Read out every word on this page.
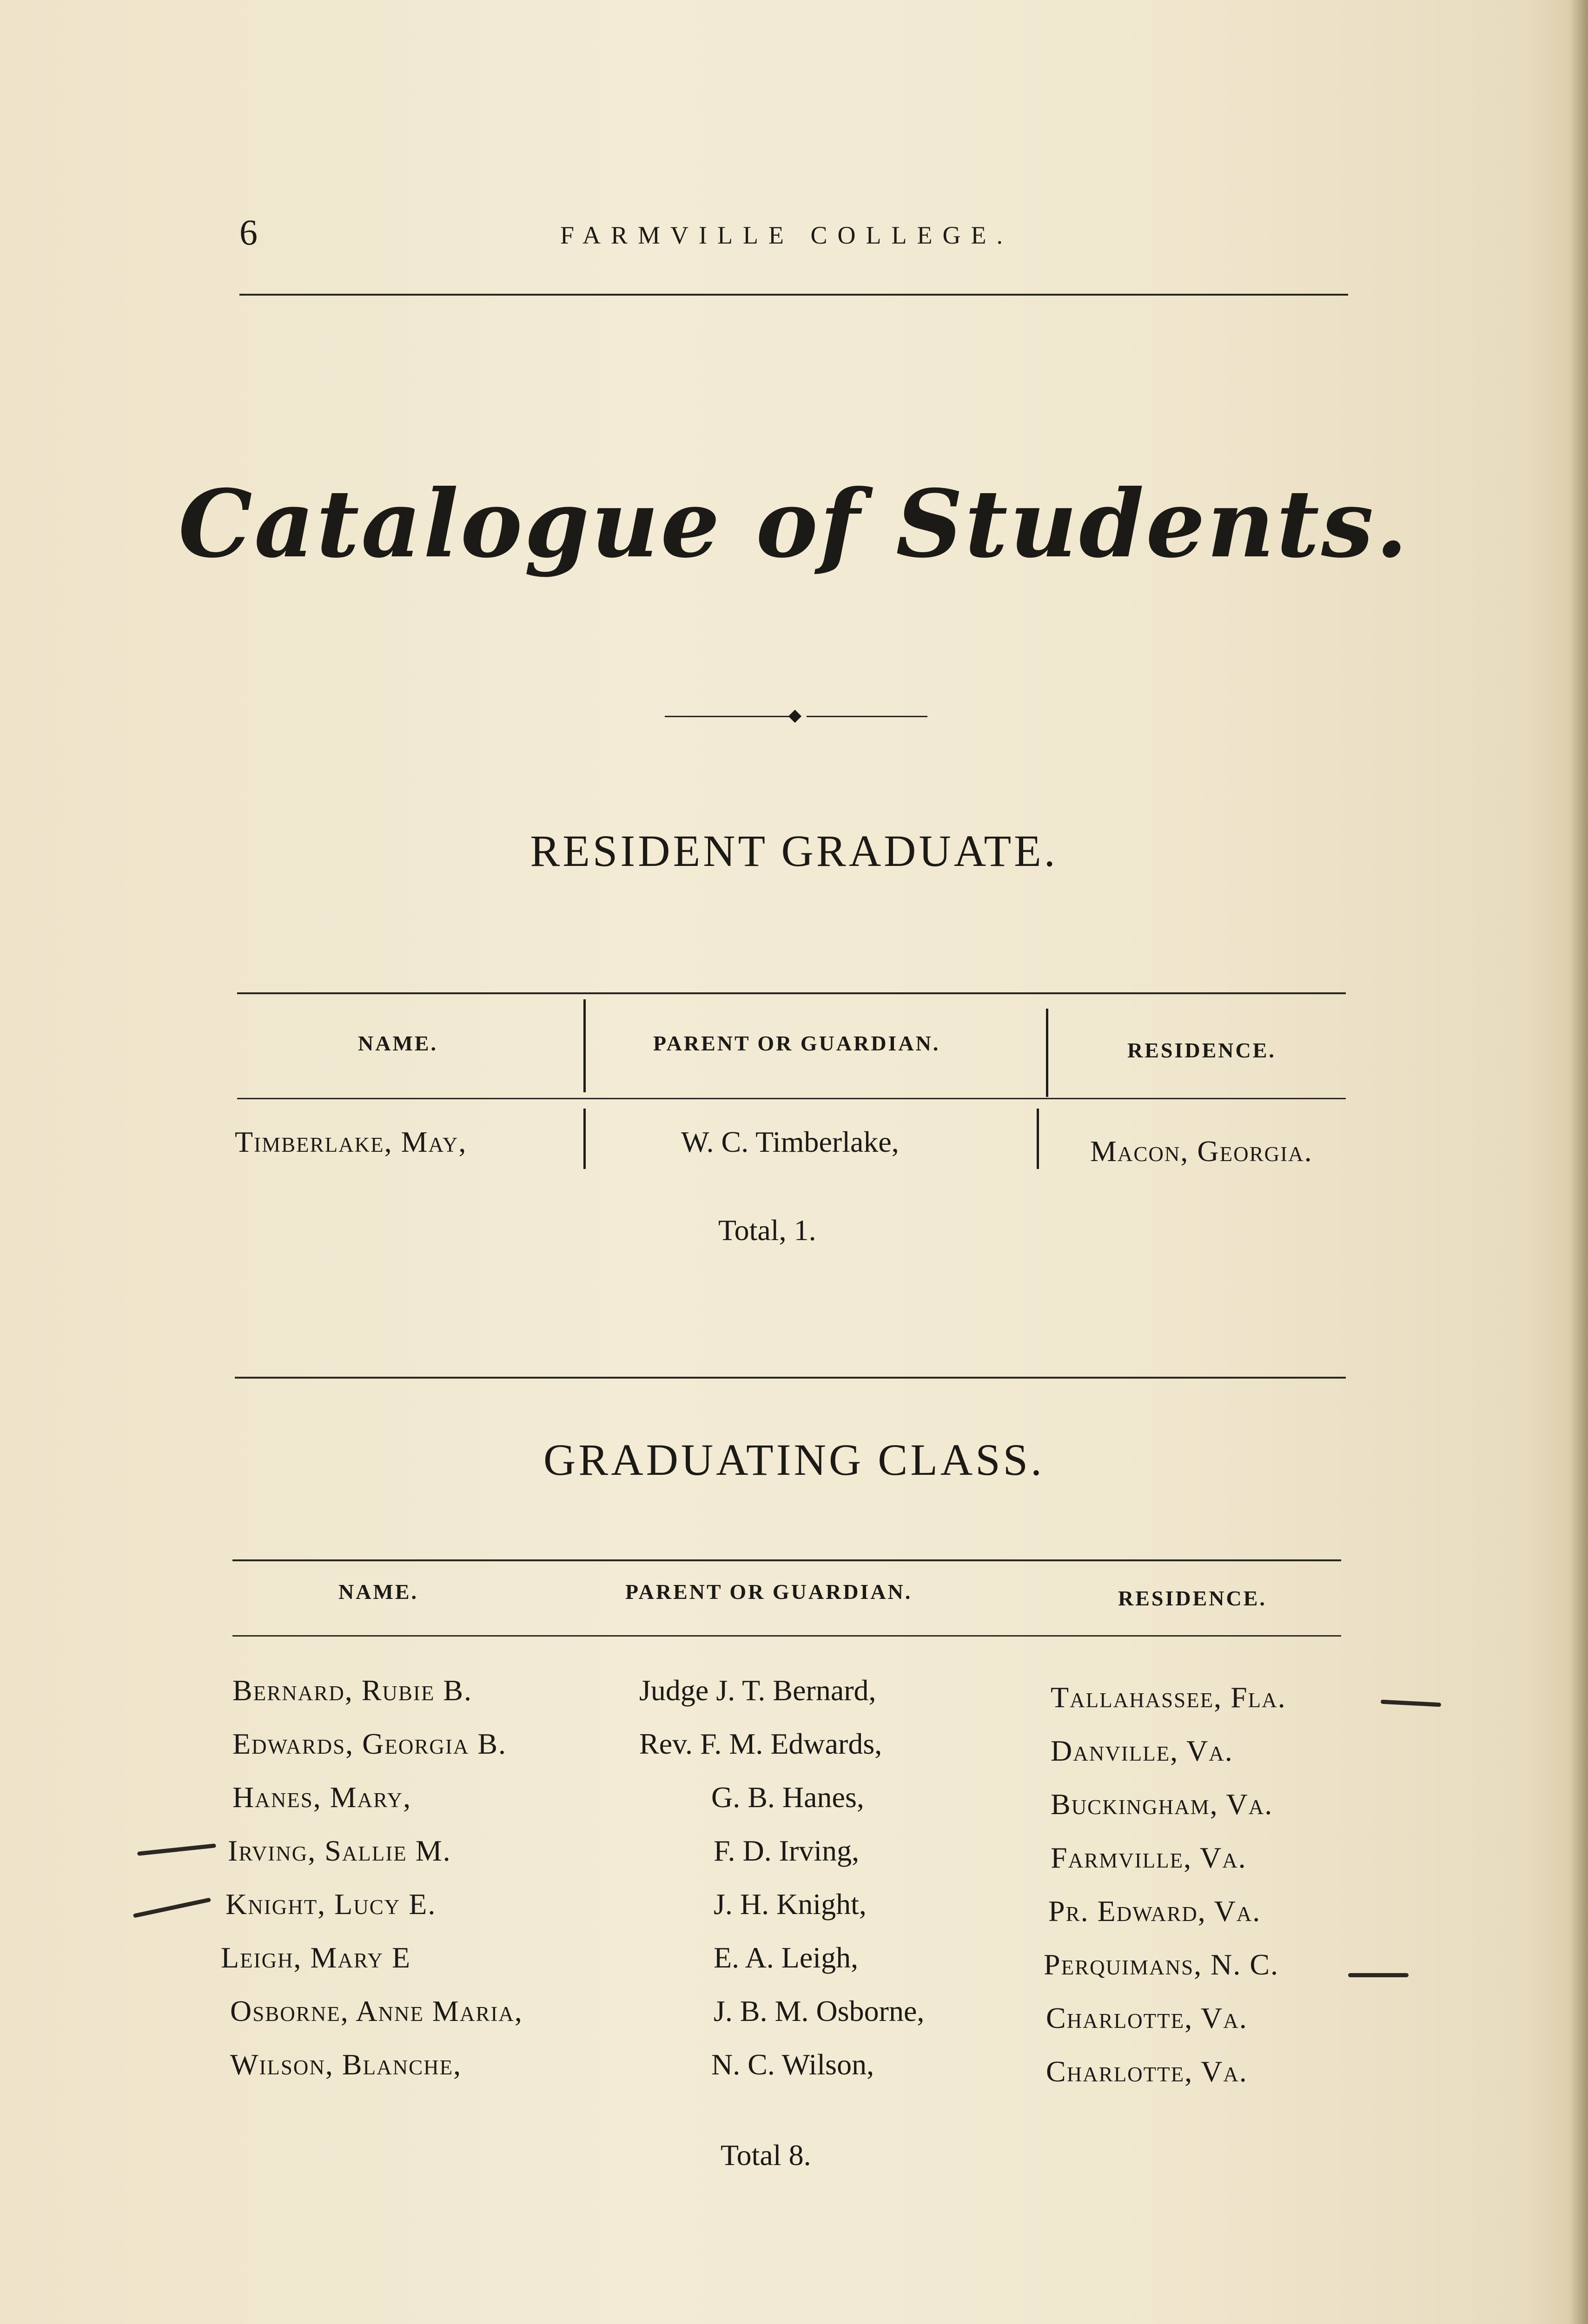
6	FARMVILLE COLLEGE.
Catalogue of Students.
RESIDENT GRADUATE.
NAME.	PARENT OR GUARDIAN.	RESIDENCE.
Timberlake, May,	W. C. Timberlake,	Macon, Georgia.
Total, 1.
GRADUATING CLASS.
NAME.	PARENT OR GUARDIAN.	RESIDENCE.
Bernard, Rubie B.	Judge J. T. Bernard,	Tallahassee, Fla.
Edwards, Georgia B.	Rev. F. M. Edwards,	Danville, Va.
Hanes, Mary,	G. B. Hanes,	Buckingham, Va.
Irving, Sallie M.	F. D. Irving,	Farmville, Va.
Knight, Lucy E.	J. H. Knight,	Pr. Edward, Va.
Leigh, Mary E	E. A. Leigh,	Perquimans, N. C.
Osborne, Anne Maria,	J. B. M. Osborne,	Charlotte, Va.
Wilson, Blanche,	N. C. Wilson,	Charlotte, Va.
Total 8.
